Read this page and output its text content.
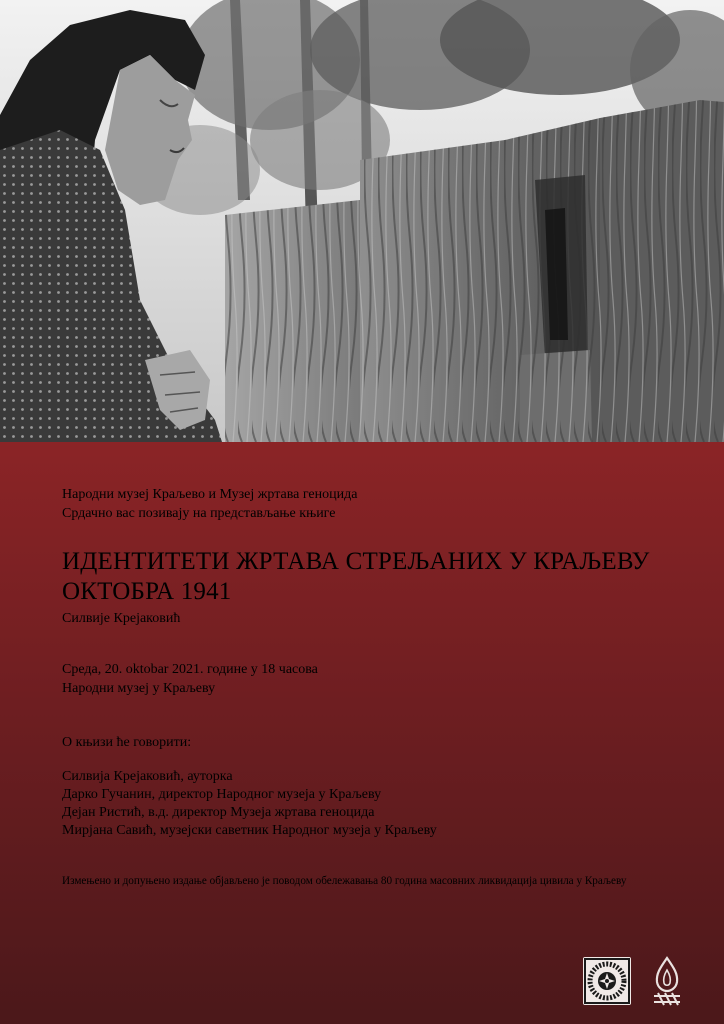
Народни музеј Краљево и Музеј жртава геноцида
Срдачно вас позивају на представљање књиге
ИДЕНТИТЕТИ ЖРТАВА СТРЕЉАНИХ У КРАЉЕВУ
ОКТОБРА 1941
Силвије Крејаковић
Среда, 20. oktobar 2021. године у 18 часова
Народни музеј у Краљеву
О књизи ће говорити:
Силвија Крејаковић, ауторка
Дарко Гучанин, директор Народног музеја у Краљеву
Дејан Ристић, в.д. директор Музеја жртава геноцида
Мирјана Савић, музејски саветник Народног музеја у Краљеву
Измењено и допуњено издање објављено је поводом обележавања 80 година масовних ликвидација цивила у Краљеву
